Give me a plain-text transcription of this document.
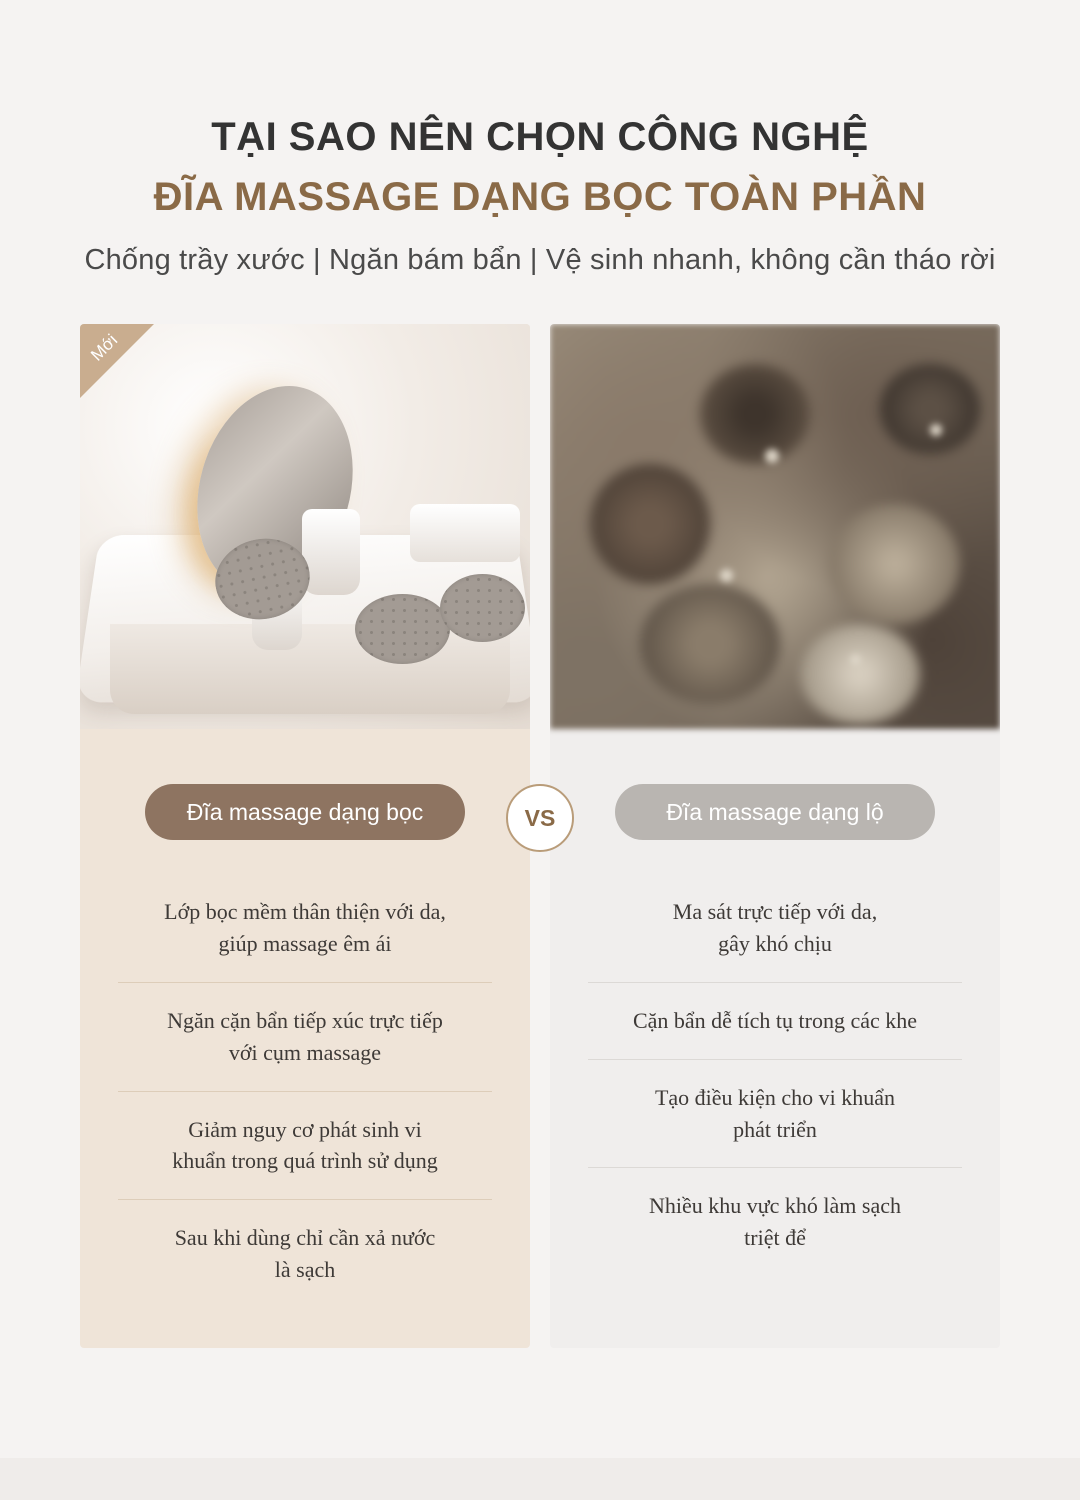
TẠI SAO NÊN CHỌN CÔNG NGHỆ
ĐĨA MASSAGE DẠNG BỌC TOÀN PHẦN
Chống trầy xước | Ngăn bám bẩn | Vệ sinh nhanh, không cần tháo rời
Mới
Đĩa massage dạng bọc
Lớp bọc mềm thân thiện với da,
giúp massage êm ái
Ngăn cặn bẩn tiếp xúc trực tiếp
với cụm massage
Giảm nguy cơ phát sinh vi
khuẩn trong quá trình sử dụng
Sau khi dùng chỉ cần xả nước
là sạch
Đĩa massage dạng lộ
Ma sát trực tiếp với da,
gây khó chịu
Cặn bẩn dễ tích tụ trong các khe
Tạo điều kiện cho vi khuẩn
phát triển
Nhiều khu vực khó làm sạch
triệt để
VS
